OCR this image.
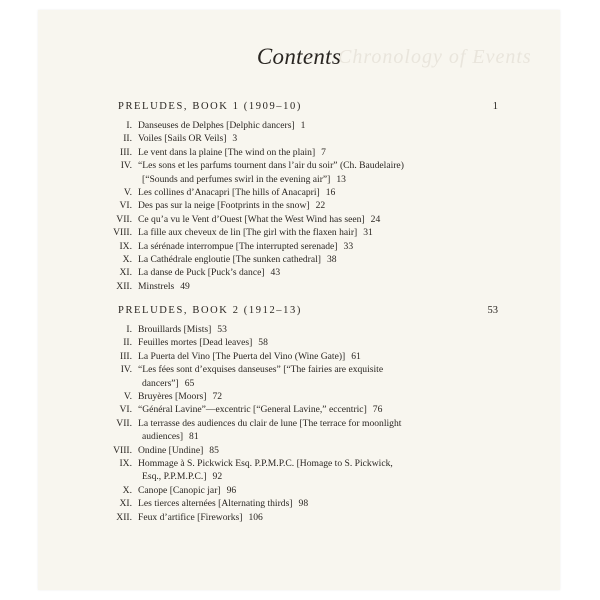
Chronology of Events
Contents
PRELUDES, BOOK 1 (1909–10)	1
I. Danseuses de Delphes [Delphic dancers] 1
II. Voiles [Sails OR Veils] 3
III. Le vent dans la plaine [The wind on the plain] 7
IV. “Les sons et les parfums tournent dans l’air du soir” (Ch. Baudelaire)
[“Sounds and perfumes swirl in the evening air”] 13
V. Les collines d’Anacapri [The hills of Anacapri] 16
VI. Des pas sur la neige [Footprints in the snow] 22
VII. Ce qu’a vu le Vent d’Ouest [What the West Wind has seen] 24
VIII. La fille aux cheveux de lin [The girl with the flaxen hair] 31
IX. La sérénade interrompue [The interrupted serenade] 33
X. La Cathédrale engloutie [The sunken cathedral] 38
XI. La danse de Puck [Puck’s dance] 43
XII. Minstrels 49
PRELUDES, BOOK 2 (1912–13)	53
I. Brouillards [Mists] 53
II. Feuilles mortes [Dead leaves] 58
III. La Puerta del Vino [The Puerta del Vino (Wine Gate)] 61
IV. “Les fées sont d’exquises danseuses” [“The fairies are exquisite
dancers”] 65
V. Bruyères [Moors] 72
VI. “Général Lavine”—excentric [“General Lavine,” eccentric] 76
VII. La terrasse des audiences du clair de lune [The terrace for moonlight
audiences] 81
VIII. Ondine [Undine] 85
IX. Hommage à S. Pickwick Esq. P.P.M.P.C. [Homage to S. Pickwick,
Esq., P.P.M.P.C.] 92
X. Canope [Canopic jar] 96
XI. Les tierces alternées [Alternating thirds] 98
XII. Feux d’artifice [Fireworks] 106
